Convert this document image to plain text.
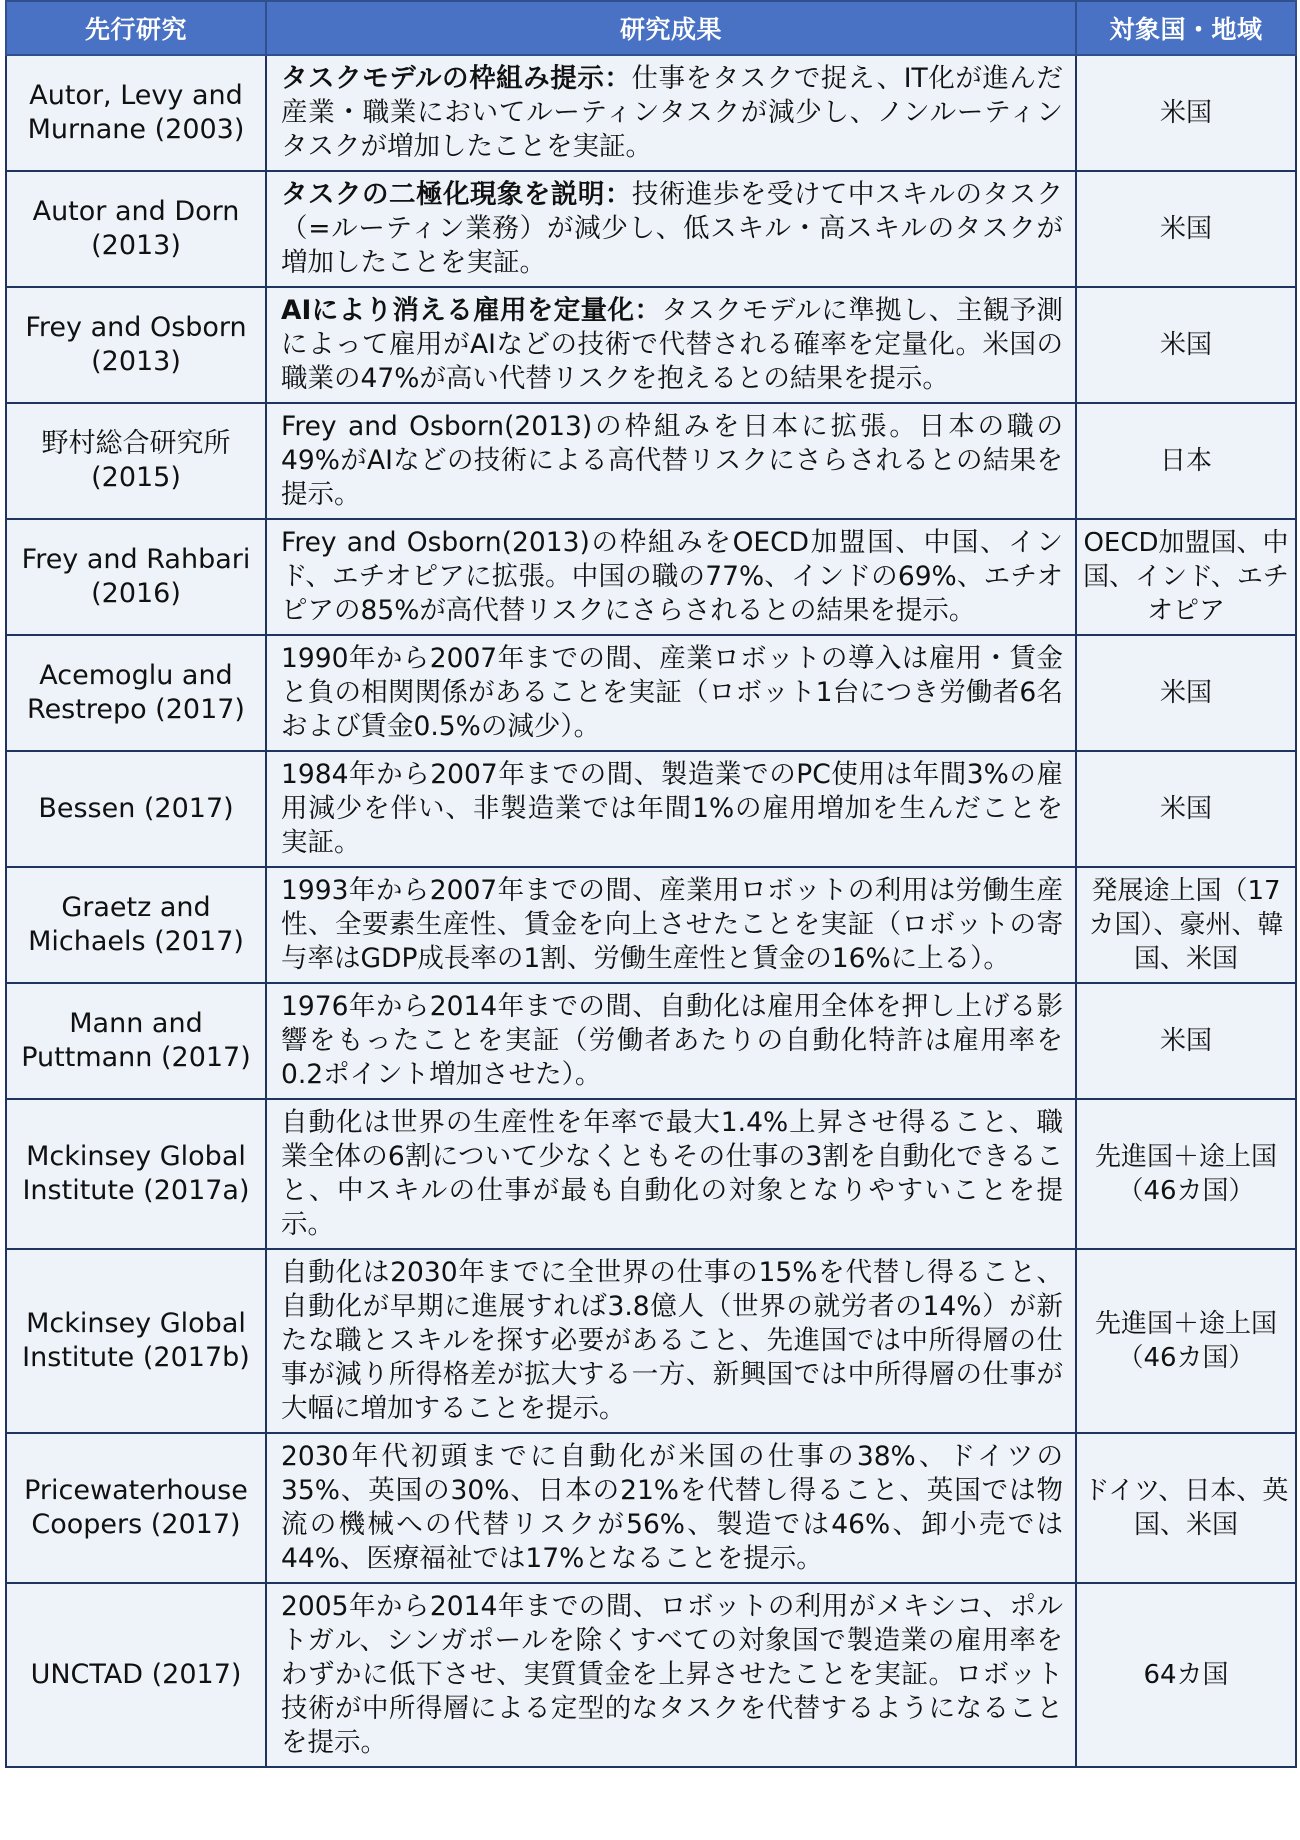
先行研究	研究成果	対象国・地域
Autor, Levy and Murnane (2003)	タスクモデルの枠組み提示：仕事をタスクで捉え、IT化が進んだ産業・職業においてルーティンタスクが減少し、ノンルーティンタスクが増加したことを実証。	米国
Autor and Dorn (2013)	タスクの二極化現象を説明：技術進歩を受けて中スキルのタスク（=ルーティン業務）が減少し、低スキル・高スキルのタスクが増加したことを実証。	米国
Frey and Osborn (2013)	AIにより消える雇用を定量化：タスクモデルに準拠し、主観予測によって雇用がAIなどの技術で代替される確率を定量化。米国の職業の47%が高い代替リスクを抱えるとの結果を提示。	米国
野村総合研究所 (2015)	Frey and Osborn(2013)の枠組みを日本に拡張。日本の職の49%がAIなどの技術による高代替リスクにさらされるとの結果を提示。	日本
Frey and Rahbari (2016)	Frey and Osborn(2013)の枠組みをOECD加盟国、中国、インド、エチオピアに拡張。中国の職の77%、インドの69%、エチオピアの85%が高代替リスクにさらされるとの結果を提示。	OECD加盟国、中国、インド、エチオピア
Acemoglu and Restrepo (2017)	1990年から2007年までの間、産業ロボットの導入は雇用・賃金と負の相関関係があることを実証（ロボット1台につき労働者6名および賃金0.5%の減少）。	米国
Bessen (2017)	1984年から2007年までの間、製造業でのPC使用は年間3%の雇用減少を伴い、非製造業では年間1%の雇用増加を生んだことを実証。	米国
Graetz and Michaels (2017)	1993年から2007年までの間、産業用ロボットの利用は労働生産性、全要素生産性、賃金を向上させたことを実証（ロボットの寄与率はGDP成長率の1割、労働生産性と賃金の16%に上る）。	発展途上国（17カ国）、豪州、韓国、米国
Mann and Puttmann (2017)	1976年から2014年までの間、自動化は雇用全体を押し上げる影響をもったことを実証（労働者あたりの自動化特許は雇用率を0.2ポイント増加させた）。	米国
Mckinsey Global Institute (2017a)	自動化は世界の生産性を年率で最大1.4%上昇させ得ること、職業全体の6割について少なくともその仕事の3割を自動化できること、中スキルの仕事が最も自動化の対象となりやすいことを提示。	先進国＋途上国（46カ国）
Mckinsey Global Institute (2017b)	自動化は2030年までに全世界の仕事の15%を代替し得ること、自動化が早期に進展すれば3.8億人（世界の就労者の14%）が新たな職とスキルを探す必要があること、先進国では中所得層の仕事が減り所得格差が拡大する一方、新興国では中所得層の仕事が大幅に増加することを提示。	先進国＋途上国（46カ国）
Pricewaterhouse Coopers (2017)	2030年代初頭までに自動化が米国の仕事の38%、ドイツの35%、英国の30%、日本の21%を代替し得ること、英国では物流の機械への代替リスクが56%、製造では46%、卸小売では44%、医療福祉では17%となることを提示。	ドイツ、日本、英国、米国
UNCTAD (2017)	2005年から2014年までの間、ロボットの利用がメキシコ、ポルトガル、シンガポールを除くすべての対象国で製造業の雇用率をわずかに低下させ、実質賃金を上昇させたことを実証。ロボット技術が中所得層による定型的なタスクを代替するようになることを提示。	64カ国
